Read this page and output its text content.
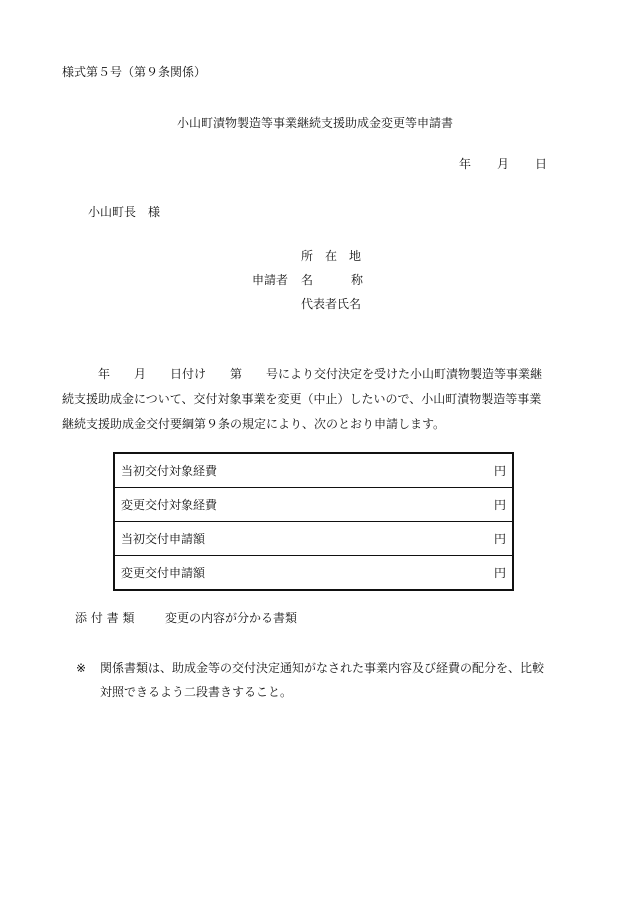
様式第５号（第９条関係）
小山町漬物製造等事業継続支援助成金変更等申請書
年 月 日
小山町長　様
所　在　地
申請者 名	称
代表者氏名

年　　月　　日付け　　第　　号により交付決定を受けた小山町漬物製造等事業継

続支援助成金について、交付対象事業を変更（中止）したいので、小山町漬物製造等事業

継続支援助成金交付要綱第９条の規定により、次のとおり申請します。

当初交付対象経費	円
変更交付対象経費	円
当初交付申請額	円
変更交付申請額	円
添 付 書 類	変更の内容が分かる書類
※ 関係書類は、助成金等の交付決定通知がなされた事業内容及び経費の配分を、比較
対照できるよう二段書きすること。
